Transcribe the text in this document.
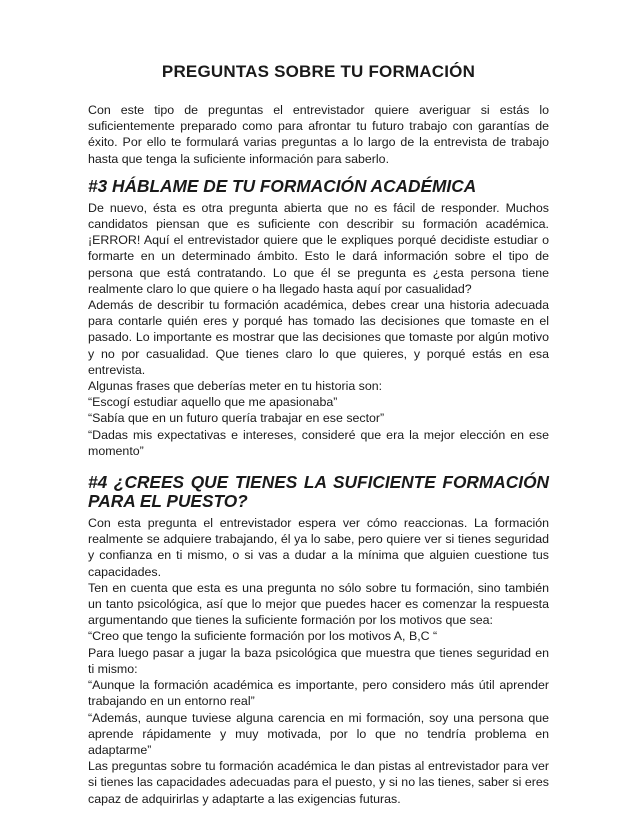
PREGUNTAS SOBRE TU FORMACIÓN

Con este tipo de preguntas el entrevistador quiere averiguar si estás lo suficientemente preparado como para afrontar tu futuro trabajo con garantías de éxito. Por ello te formulará varias preguntas a lo largo de la entrevista de trabajo hasta que tenga la suficiente información para saberlo.

#3 HÁBLAME DE TU FORMACIÓN ACADÉMICA

De nuevo, ésta es otra pregunta abierta que no es fácil de responder. Muchos candidatos piensan que es suficiente con describir su formación académica. ¡ERROR! Aquí el entrevistador quiere que le expliques porqué decidiste estudiar o formarte en un determinado ámbito. Esto le dará información sobre el tipo de persona que está contratando. Lo que él se pregunta es ¿esta persona tiene realmente claro lo que quiere o ha llegado hasta aquí por casualidad?

Además de describir tu formación académica, debes crear una historia adecuada para contarle quién eres y porqué has tomado las decisiones que tomaste en el pasado. Lo importante es mostrar que las decisiones que tomaste por algún motivo y no por casualidad. Que tienes claro lo que quieres, y porqué estás en esa entrevista.

Algunas frases que deberías meter en tu historia son:

“Escogí estudiar aquello que me apasionaba”

“Sabía que en un futuro quería trabajar en ese sector”

“Dadas mis expectativas e intereses, consideré que era la mejor elección en ese momento”

#4 ¿CREES QUE TIENES LA SUFICIENTE FORMACIÓN PARA EL PUESTO?

Con esta pregunta el entrevistador espera ver cómo reaccionas. La formación realmente se adquiere trabajando, él ya lo sabe, pero quiere ver si tienes seguridad y confianza en ti mismo, o si vas a dudar a la mínima que alguien cuestione tus capacidades.

Ten en cuenta que esta es una pregunta no sólo sobre tu formación, sino también un tanto psicológica, así que lo mejor que puedes hacer es comenzar la respuesta argumentando que tienes la suficiente formación por los motivos que sea:

“Creo que tengo la suficiente formación por los motivos A, B,C “

Para luego pasar a jugar la baza psicológica que muestra que tienes seguridad en ti mismo:

“Aunque la formación académica es importante, pero considero más útil aprender trabajando en un entorno real”

“Además, aunque tuviese alguna carencia en mi formación, soy una persona que aprende rápidamente y muy motivada, por lo que no tendría problema en adaptarme”

Las preguntas sobre tu formación académica le dan pistas al entrevistador para ver si tienes las capacidades adecuadas para el puesto, y si no las tienes, saber si eres capaz de adquirirlas y adaptarte a las exigencias futuras.
